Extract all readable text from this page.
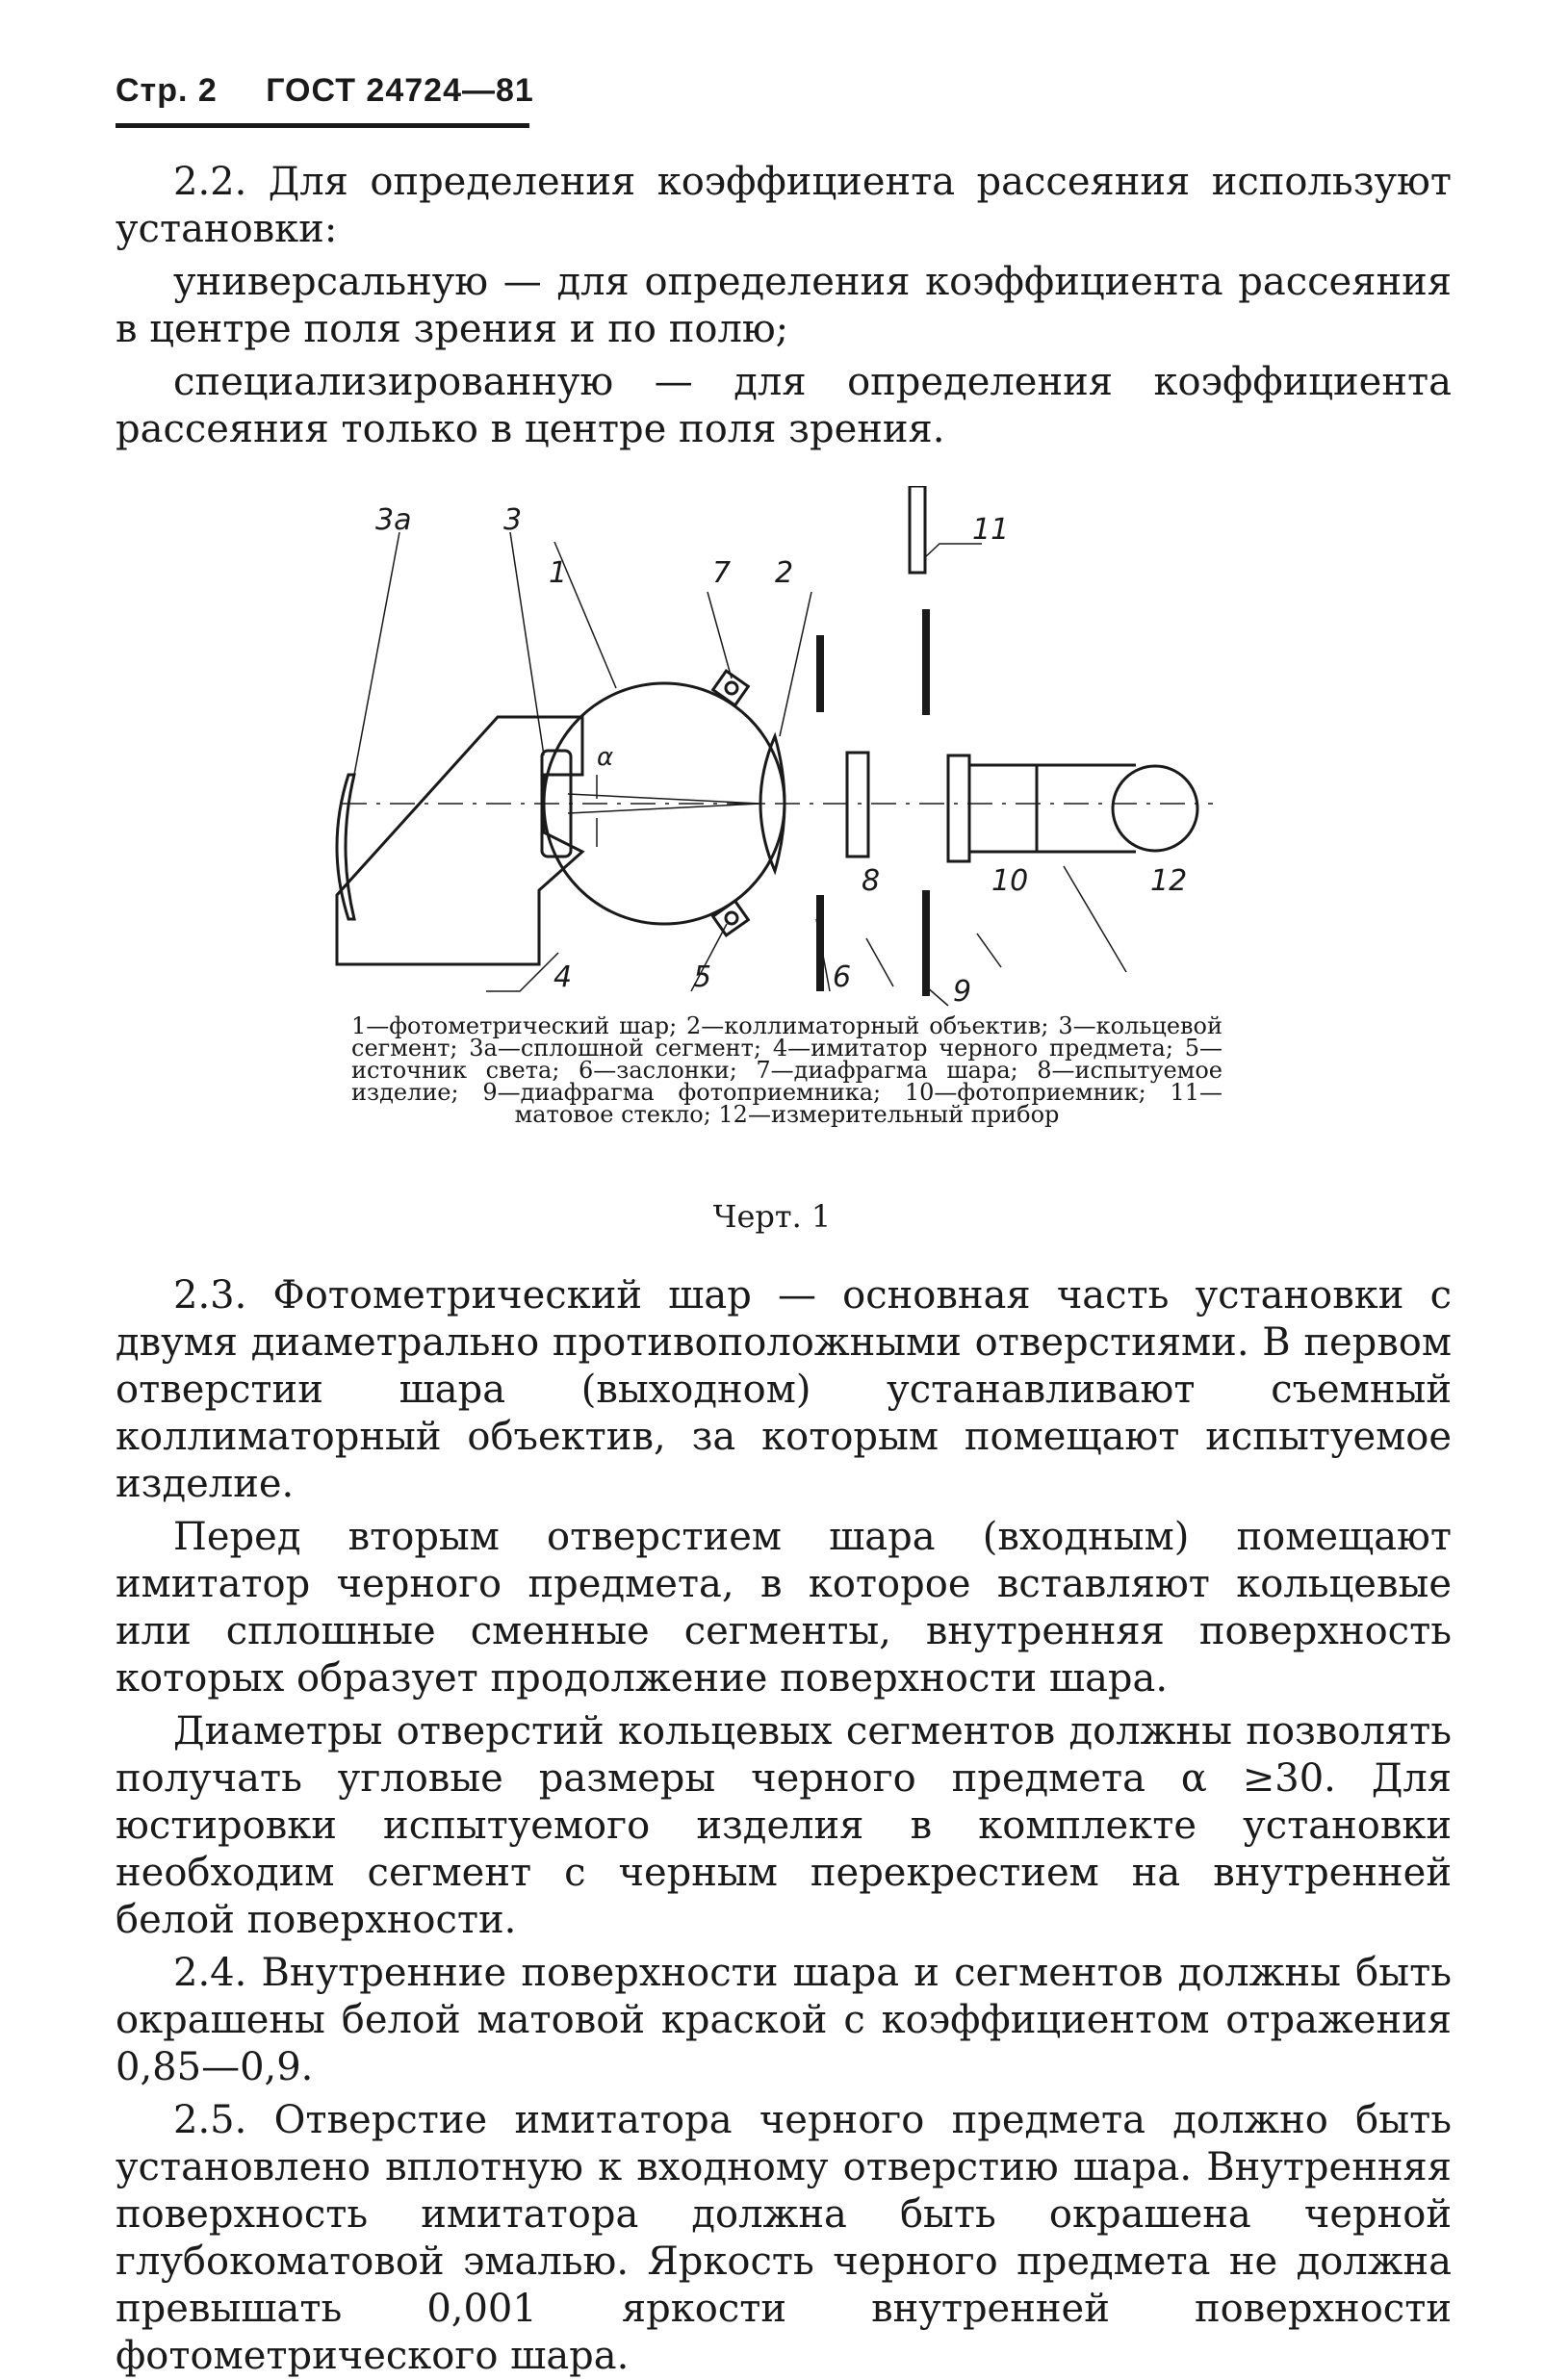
Стр. 2 ГОСТ 24724—81

2.2. Для определения коэффициента рассеяния используют установки:

универсальную — для определения коэффициента рассеяния в центре поля зрения и по полю;

специализированную — для определения коэффициента рассеяния только в центре поля зрения.

3а	3
1	7 2
11
8	10	12
4	5	6	9
α
1—фотометрический шар; 2—коллиматорный объектив; 3—кольцевой сегмент; 3а—сплошной сегмент; 4—имитатор черного предмета; 5—источник света; 6—заслонки; 7—диафрагма шара; 8—испытуемое изделие; 9—диафрагма фотоприемника; 10—фотоприемник; 11—матовое стекло; 12—измерительный прибор
Черт. 1

2.3. Фотометрический шар — основная часть установки с двумя диаметрально противоположными отверстиями. В первом отверстии шара (выходном) устанавливают съемный коллиматорный объектив, за которым помещают испытуемое изделие.

Перед вторым отверстием шара (входным) помещают имитатор черного предмета, в которое вставляют кольцевые или сплошные сменные сегменты, внутренняя поверхность которых образует продолжение поверхности шара.

Диаметры отверстий кольцевых сегментов должны позволять получать угловые размеры черного предмета α ≥30. Для юстировки испытуемого изделия в комплекте установки необходим сегмент с черным перекрестием на внутренней белой поверхности.

2.4. Внутренние поверхности шара и сегментов должны быть окрашены белой матовой краской с коэффициентом отражения 0,85—0,9.

2.5. Отверстие имитатора черного предмета должно быть установлено вплотную к входному отверстию шара. Внутренняя поверхность имитатора должна быть окрашена черной глубокоматовой эмалью. Яркость черного предмета не должна превышать 0,001 яркости внутренней поверхности фотометрического шара.
